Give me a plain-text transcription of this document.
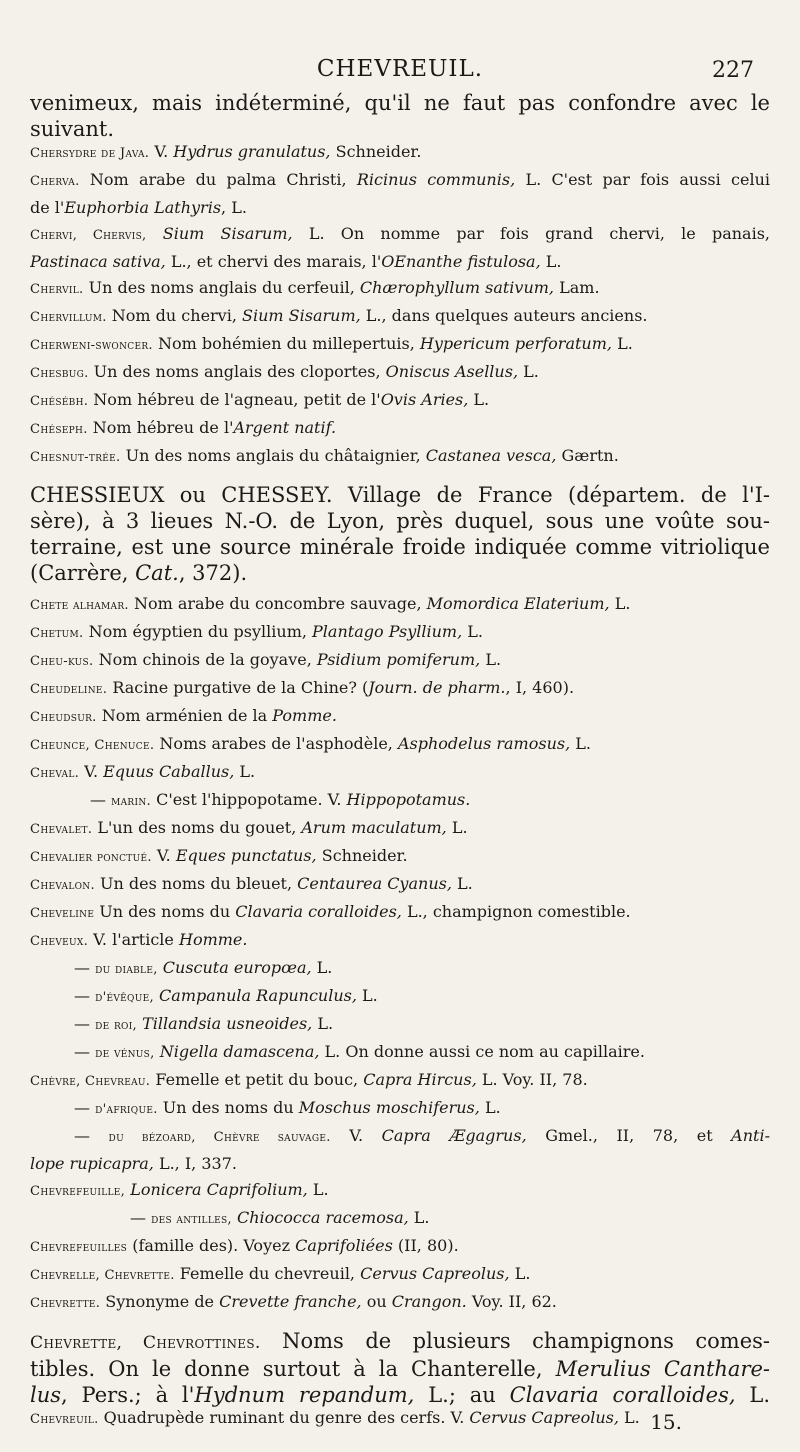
CHEVREUIL.	227
venimeux, mais indéterminé, qu'il ne faut pas confondre avec le
suivant.
Chersydre de Java. V. Hydrus granulatus, Schneider.
Cherva. Nom arabe du palma Christi, Ricinus communis, L. C'est par fois aussi celui
de l'Euphorbia Lathyris, L.
Chervi, Chervis, Sium Sisarum, L. On nomme par fois grand chervi, le panais,
Pastinaca sativa, L., et chervi des marais, l'OEnanthe fistulosa, L.
Chervil. Un des noms anglais du cerfeuil, Chærophyllum sativum, Lam.
Chervillum. Nom du chervi, Sium Sisarum, L., dans quelques auteurs anciens.
Cherweni-swoncer. Nom bohémien du millepertuis, Hypericum perforatum, L.
Chesbug. Un des noms anglais des cloportes, Oniscus Asellus, L.
Chésébh. Nom hébreu de l'agneau, petit de l'Ovis Aries, L.
Chéseph. Nom hébreu de l'Argent natif.
Chesnut-trée. Un des noms anglais du châtaignier, Castanea vesca, Gærtn.
CHESSIEUX ou CHESSEY. Village de France (départem. de l'I-
sère), à 3 lieues N.-O. de Lyon, près duquel, sous une voûte sou-
terraine, est une source minérale froide indiquée comme vitriolique
(Carrère, Cat., 372).
Chete alhamar. Nom arabe du concombre sauvage, Momordica Elaterium, L.
Chetum. Nom égyptien du psyllium, Plantago Psyllium, L.
Cheu-kus. Nom chinois de la goyave, Psidium pomiferum, L.
Cheudeline. Racine purgative de la Chine? (Journ. de pharm., I, 460).
Cheudsur. Nom arménien de la Pomme.
Cheunce, Chenuce. Noms arabes de l'asphodèle, Asphodelus ramosus, L.
Cheval. V. Equus Caballus, L.
— marin. C'est l'hippopotame. V. Hippopotamus.
Chevalet. L'un des noms du gouet, Arum maculatum, L.
Chevalier ponctué. V. Eques punctatus, Schneider.
Chevalon. Un des noms du bleuet, Centaurea Cyanus, L.
Cheveline Un des noms du Clavaria coralloides, L., champignon comestible.
Cheveux. V. l'article Homme.
— du diable, Cuscuta europœa, L.
— d'évêque, Campanula Rapunculus, L.
— de roi, Tillandsia usneoides, L.
— de vénus, Nigella damascena, L. On donne aussi ce nom au capillaire.
Chèvre, Chevreau. Femelle et petit du bouc, Capra Hircus, L. Voy. II, 78.
— d'afrique. Un des noms du Moschus moschiferus, L.
— du bézoard, Chèvre sauvage. V. Capra Ægagrus, Gmel., II, 78, et Anti-
lope rupicapra, L., I, 337.
Chevrefeuille, Lonicera Caprifolium, L.
— des antilles, Chiococca racemosa, L.
Chevrefeuilles (famille des). Voyez Caprifoliées (II, 80).
Chevrelle, Chevrette. Femelle du chevreuil, Cervus Capreolus, L.
Chevrette. Synonyme de Crevette franche, ou Crangon. Voy. II, 62.
Chevrette, Chevrottines. Noms de plusieurs champignons comes-
tibles. On le donne surtout à la Chanterelle, Merulius Canthare-
lus, Pers.; à l'Hydnum repandum, L.; au Clavaria coralloides, L.
Chevreuil. Quadrupède ruminant du genre des cerfs. V. Cervus Capreolus, L. 15.
